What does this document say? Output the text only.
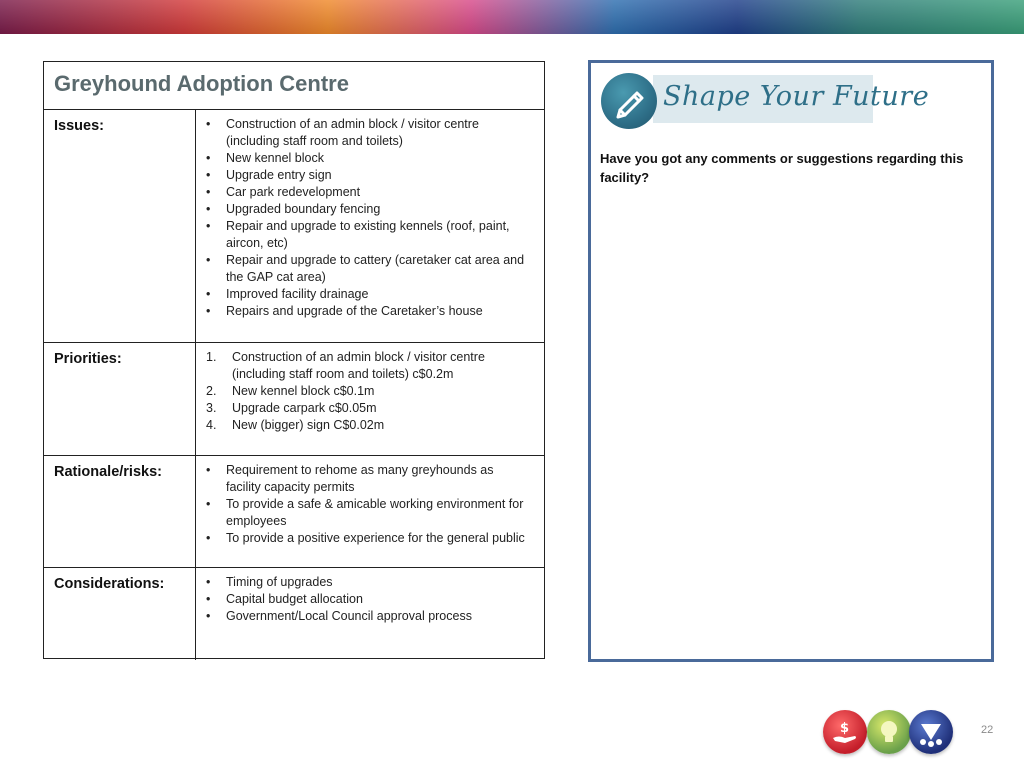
Greyhound Adoption Centre
Issues:	• Construction of an admin block / visitor centre (including staff room and toilets)
• New kennel block
• Upgrade entry sign
• Car park redevelopment
• Upgraded boundary fencing
• Repair and upgrade to existing kennels (roof, paint, aircon, etc)
• Repair and upgrade to cattery (caretaker cat area and the GAP cat area)
• Improved facility drainage
• Repairs and upgrade of the Caretaker’s house
Priorities:	1. Construction of an admin block / visitor centre (including staff room and toilets) c$0.2m
2. New kennel block c$0.1m
3. Upgrade carpark c$0.05m
4. New (bigger) sign C$0.02m
Rationale/risks:	• Requirement to rehome as many greyhounds as facility capacity permits
• To provide a safe & amicable working environment for employees
• To provide a positive experience for the general public
Considerations:	• Timing of upgrades
• Capital budget allocation
• Government/Local Council approval process
Shape Your Future
Have you got any comments or suggestions regarding this facility?
$	22
